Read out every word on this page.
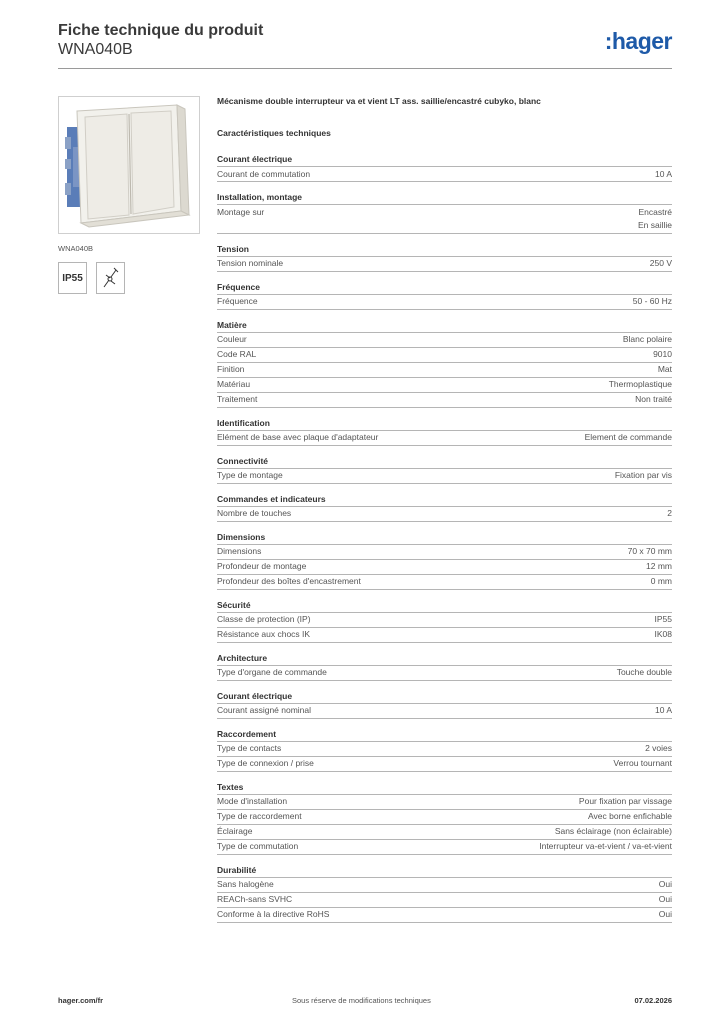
Fiche technique du produit
WNA040B	:hager
WNA040B
IP55
Mécanisme double interrupteur va et vient LT ass. saillie/encastré cubyko, blanc
Caractéristiques techniques
Courant électrique
Courant de commutation	10 A
Installation, montage
Montage sur	Encastré
En saillie
Tension
Tension nominale	250 V
Fréquence
Fréquence	50 - 60 Hz
Matière
Couleur	Blanc polaire
Code RAL	9010
Finition	Mat
Matériau	Thermoplastique
Traitement	Non traité
Identification
Elément de base avec plaque d'adaptateur	Element de commande
Connectivité
Type de montage	Fixation par vis
Commandes et indicateurs
Nombre de touches	2
Dimensions
Dimensions	70 x 70 mm
Profondeur de montage	12 mm
Profondeur des boîtes d'encastrement	0 mm
Sécurité
Classe de protection (IP)	IP55
Résistance aux chocs IK	IK08
Architecture
Type d'organe de commande	Touche double
Courant électrique
Courant assigné nominal	10 A
Raccordement
Type de contacts	2 voies
Type de connexion / prise	Verrou tournant
Textes
Mode d'installation	Pour fixation par vissage
Type de raccordement	Avec borne enfichable
Éclairage	Sans éclairage (non éclairable)
Type de commutation	Interrupteur va-et-vient / va-et-vient
Durabilité
Sans halogène	Oui
REACh-sans SVHC	Oui
Conforme à la directive RoHS	Oui
hager.com/fr	Sous réserve de modifications techniques	07.02.2026
